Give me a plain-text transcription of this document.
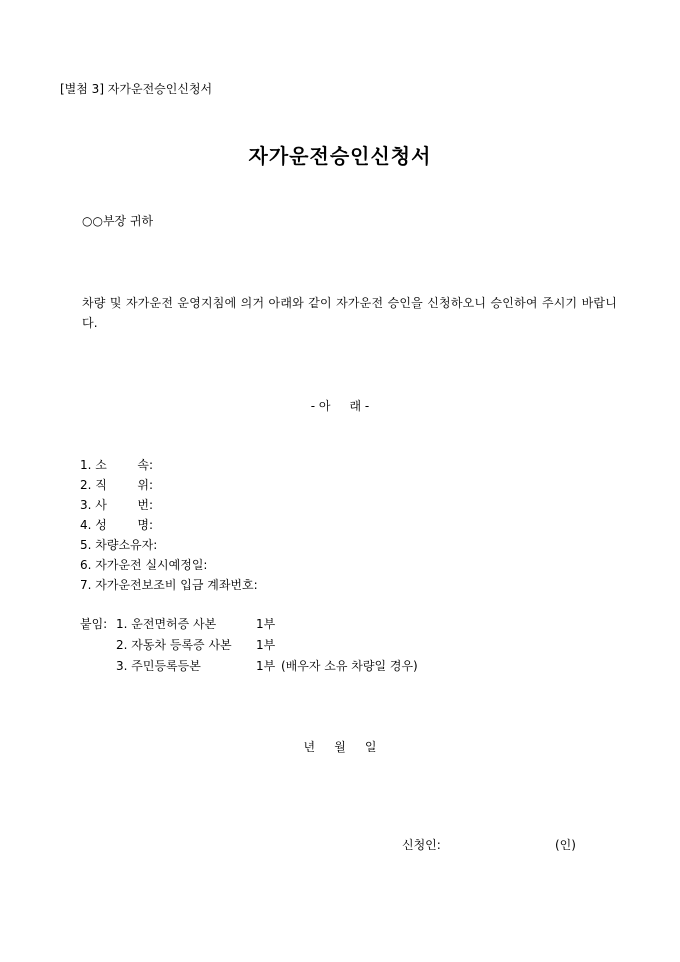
[별첨 3] 자가운전승인신청서
자가운전승인신청서
○○부장 귀하
차량 및 자가운전 운영지침에 의거 아래와 같이 자가운전 승인을 신청하오니 승인하여 주시기 바랍니다.
- 아     래 -
1. 소        속:
2. 직        위:
3. 사        번:
4. 성        명:
5. 차량소유자:
6. 자가운전 실시예정일:
7. 자가운전보조비 입금 계좌번호:
붙임: 1. 운전면허증 사본	1부
2. 자동차 등록증 사본 1부
3. 주민등록등본	1부 (배우자 소유 차량일 경우)
년     월     일
신청인:	(인)
